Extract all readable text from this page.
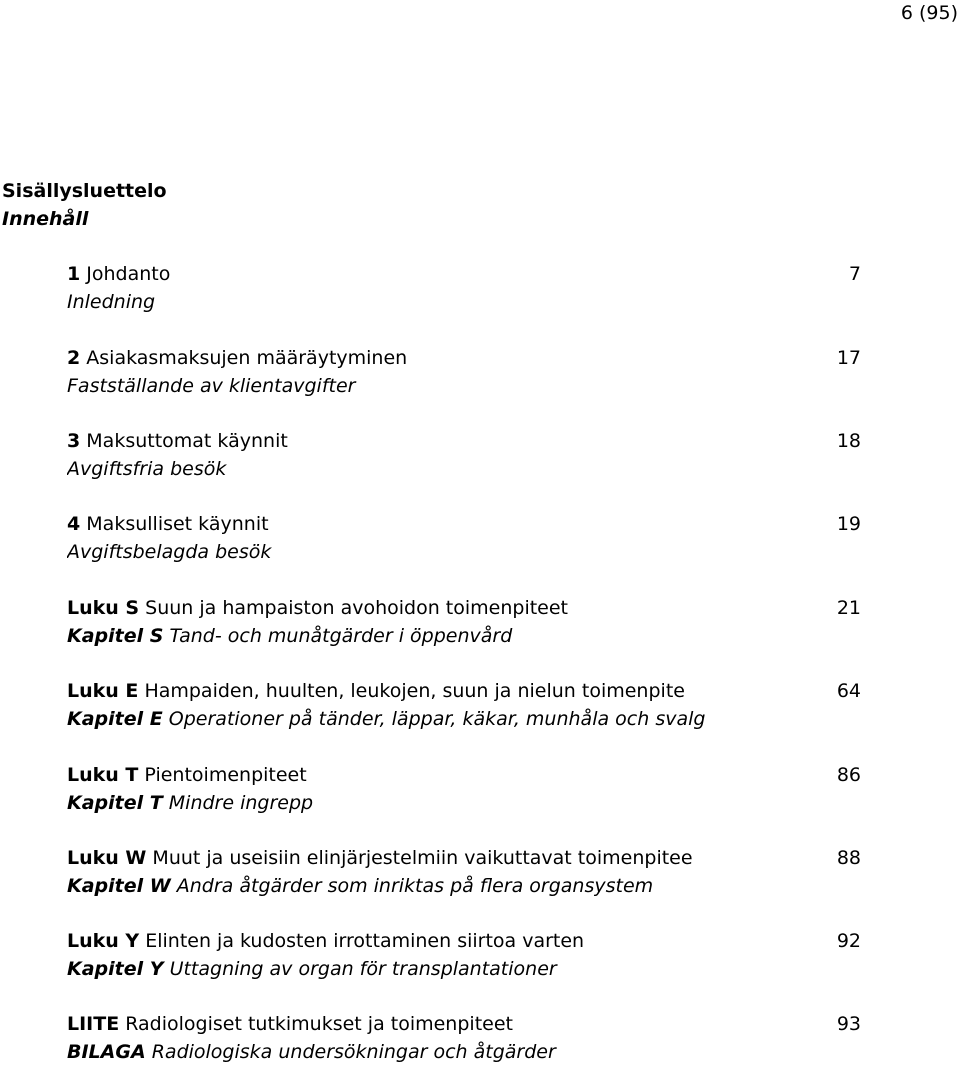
6 (95)
Sisällysluettelo
Innehåll
1 Johdanto
Inledning
7
2 Asiakasmaksujen määräytyminen
Fastställande av klientavgifter
17
3 Maksuttomat käynnit
Avgiftsfria besök
18
4 Maksulliset käynnit
Avgiftsbelagda besök
19
Luku S Suun ja hampaiston avohoidon toimenpiteet
Kapitel S Tand- och munåtgärder i öppenvård
21
Luku E Hampaiden, huulten, leukojen, suun ja nielun toimenpite
Kapitel E Operationer på tänder, läppar, käkar, munhåla och svalg
64
Luku T Pientoimenpiteet
Kapitel T Mindre ingrepp
86
Luku W Muut ja useisiin elinjärjestelmiin vaikuttavat toimenpitee
Kapitel W Andra åtgärder som inriktas på flera organsystem
88
Luku Y Elinten ja kudosten irrottaminen siirtoa varten
Kapitel Y Uttagning av organ för transplantationer
92
LIITE Radiologiset tutkimukset ja toimenpiteet
BILAGA Radiologiska undersökningar och åtgärder
93
